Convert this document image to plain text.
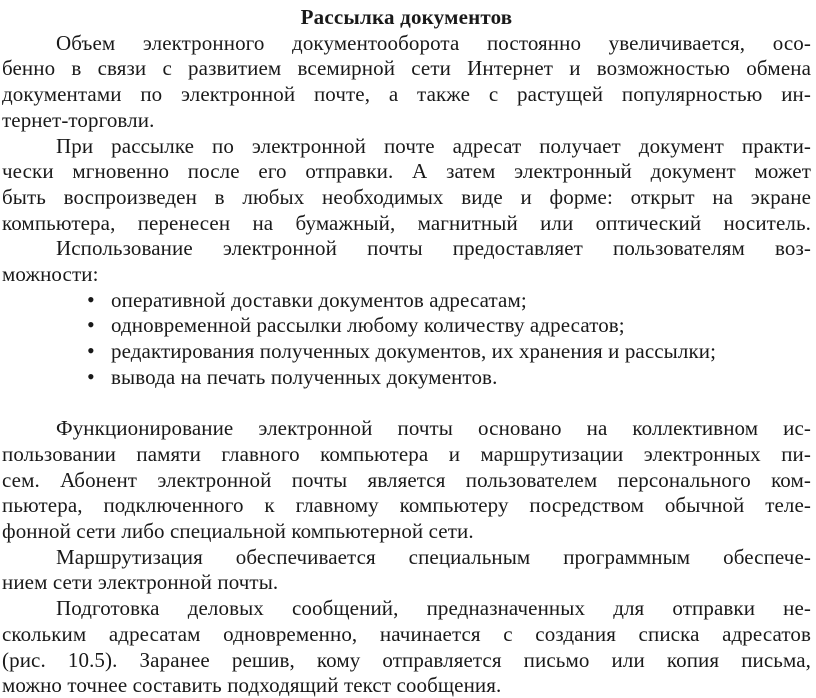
Рассылка документов
Объем электронного документооборота постоянно увеличивается, осо-
бенно в связи с развитием всемирной сети Интернет и возможностью обмена
документами по электронной почте, а также с растущей популярностью ин-
тернет-торговли.
При рассылке по электронной почте адресат получает документ практи-
чески мгновенно после его отправки. А затем электронный документ может
быть воспроизведен в любых необходимых виде и форме: открыт на экране
компьютера, перенесен на бумажный, магнитный или оптический носитель.
Использование электронной почты предоставляет пользователям воз-
можности:
• оперативной доставки документов адресатам;
• одновременной рассылки любому количеству адресатов;
• редактирования полученных документов, их хранения и рассылки;
• вывода на печать полученных документов.
Функционирование электронной почты основано на коллективном ис-
пользовании памяти главного компьютера и маршрутизации электронных пи-
сем. Абонент электронной почты является пользователем персонального ком-
пьютера, подключенного к главному компьютеру посредством обычной теле-
фонной сети либо специальной компьютерной сети.
Маршрутизация обеспечивается специальным программным обеспече-
нием сети электронной почты.
Подготовка деловых сообщений, предназначенных для отправки не-
скольким адресатам одновременно, начинается с создания списка адресатов
(рис. 10.5). Заранее решив, кому отправляется письмо или копия письма,
можно точнее составить подходящий текст сообщения.
